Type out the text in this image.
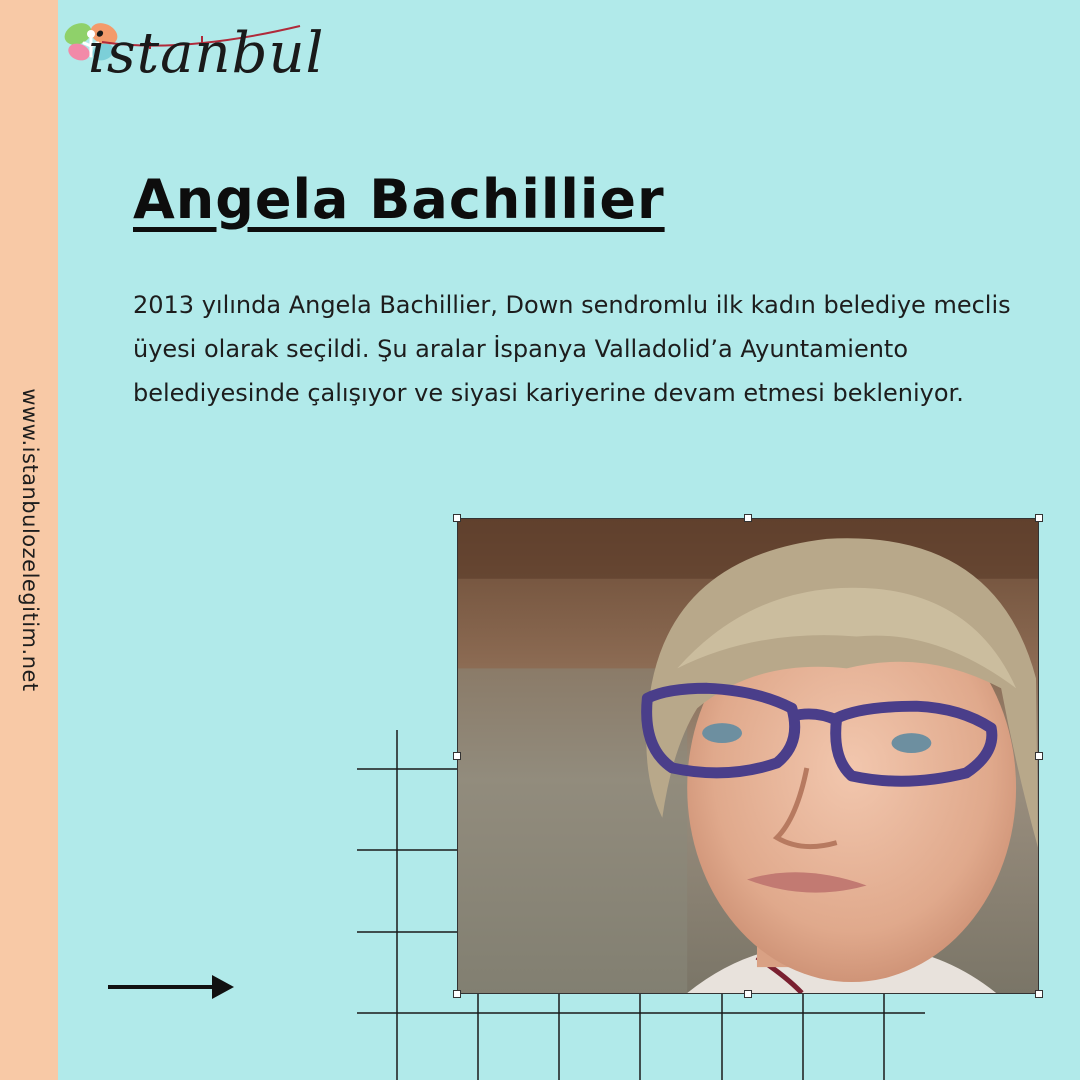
www.istanbulozelegitim.net
istanbul
Angela Bachillier

2013 yılında Angela Bachillier, Down sendromlu ilk kadın belediye meclis üyesi olarak seçildi. Şu aralar İspanya Valladolid’a Ayuntamiento belediyesinde çalışıyor ve siyasi kariyerine devam etmesi bekleniyor.
